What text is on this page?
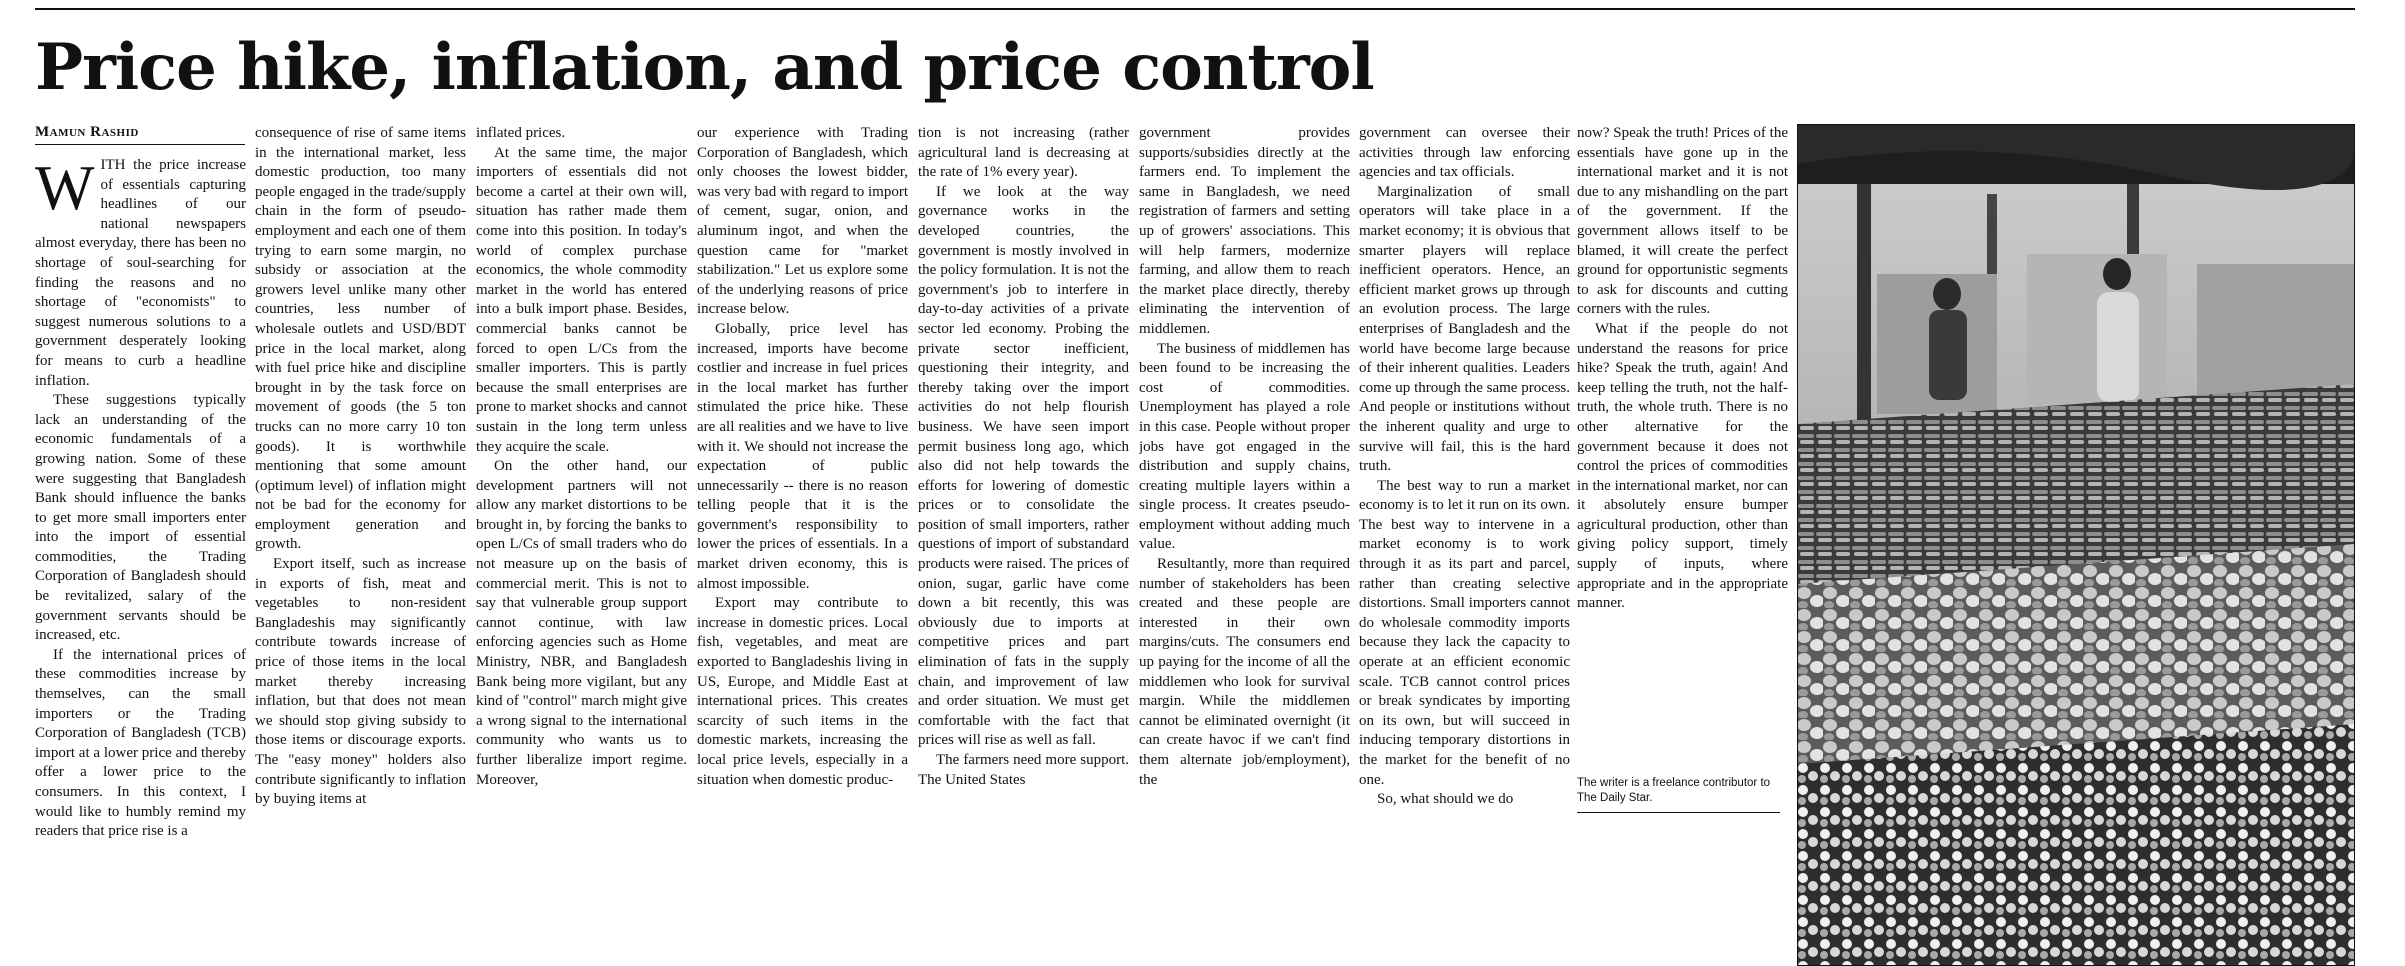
Price hike, inflation, and price control
Mamun Rashid

WITH the price increase of essentials capturing headlines of our national newspapers almost everyday, there has been no shortage of soul-searching for finding the reasons and no shortage of "economists" to suggest numerous solutions to a government desperately looking for means to curb a headline inflation.

These suggestions typically lack an understanding of the economic fundamentals of a growing nation. Some of these were suggesting that Bangladesh Bank should influence the banks to get more small importers enter into the import of essential commodities, the Trading Corporation of Bangladesh should be revitalized, salary of the government servants should be increased, etc.

If the international prices of these commodities increase by themselves, can the small importers or the Trading Corporation of Bangladesh (TCB) import at a lower price and thereby offer a lower price to the consumers. In this context, I would like to humbly remind my readers that price rise is a

consequence of rise of same items in the international market, less domestic production, too many people engaged in the trade/supply chain in the form of pseudo-employment and each one of them trying to earn some margin, no subsidy or association at the growers level unlike many other countries, less number of wholesale outlets and USD/BDT price in the local market, along with fuel price hike and discipline brought in by the task force on movement of goods (the 5 ton trucks can no more carry 10 ton goods). It is worthwhile mentioning that some amount (optimum level) of inflation might not be bad for the economy for employment generation and growth.

Export itself, such as increase in exports of fish, meat and vegetables to non-resident Bangladeshis may significantly contribute towards increase of price of those items in the local market thereby increasing inflation, but that does not mean we should stop giving subsidy to those items or discourage exports. The "easy money" holders also contribute significantly to inflation by buying items at

inflated prices.

At the same time, the major importers of essentials did not become a cartel at their own will, situation has rather made them come into this position. In today's world of complex purchase economics, the whole commodity market in the world has entered into a bulk import phase. Besides, commercial banks cannot be forced to open L/Cs from the smaller importers. This is partly because the small enterprises are prone to market shocks and cannot sustain in the long term unless they acquire the scale.

On the other hand, our development partners will not allow any market distortions to be brought in, by forcing the banks to open L/Cs of small traders who do not measure up on the basis of commercial merit. This is not to say that vulnerable group support cannot continue, with law enforcing agencies such as Home Ministry, NBR, and Bangladesh Bank being more vigilant, but any kind of "control" march might give a wrong signal to the international community who wants us to further liberalize import regime. Moreover,

our experience with Trading Corporation of Bangladesh, which only chooses the lowest bidder, was very bad with regard to import of cement, sugar, onion, and aluminum ingot, and when the question came for "market stabilization." Let us explore some of the underlying reasons of price increase below.

Globally, price level has increased, imports have become costlier and increase in fuel prices in the local market has further stimulated the price hike. These are all realities and we have to live with it. We should not increase the expectation of public unnecessarily -- there is no reason telling people that it is the government's responsibility to lower the prices of essentials. In a market driven economy, this is almost impossible.

Export may contribute to increase in domestic prices. Local fish, vegetables, and meat are exported to Bangladeshis living in US, Europe, and Middle East at international prices. This creates scarcity of such items in the domestic markets, increasing the local price levels, especially in a situation when domestic produc-

tion is not increasing (rather agricultural land is decreasing at the rate of 1% every year).

If we look at the way governance works in the developed countries, the government is mostly involved in the policy formulation. It is not the government's job to interfere in day-to-day activities of a private sector led economy. Probing the private sector inefficient, questioning their integrity, and thereby taking over the import activities do not help flourish business. We have seen import permit business long ago, which also did not help towards the efforts for lowering of domestic prices or to consolidate the position of small importers, rather questions of import of substandard products were raised. The prices of onion, sugar, garlic have come down a bit recently, this was obviously due to imports at competitive prices and part elimination of fats in the supply chain, and improvement of law and order situation. We must get comfortable with the fact that prices will rise as well as fall.

The farmers need more support. The United States

government provides supports/subsidies directly at the farmers end. To implement the same in Bangladesh, we need registration of farmers and setting up of growers' associations. This will help farmers, modernize farming, and allow them to reach the market place directly, thereby eliminating the intervention of middlemen.

The business of middlemen has been found to be increasing the cost of commodities. Unemployment has played a role in this case. People without proper jobs have got engaged in the distribution and supply chains, creating multiple layers within a single process. It creates pseudo-employment without adding much value.

Resultantly, more than required number of stakeholders has been created and these people are interested in their own margins/cuts. The consumers end up paying for the income of all the middlemen who look for survival margin. While the middlemen cannot be eliminated overnight (it can create havoc if we can't find them alternate job/employment), the

government can oversee their activities through law enforcing agencies and tax officials.

Marginalization of small operators will take place in a market economy; it is obvious that smarter players will replace inefficient operators. Hence, an efficient market grows up through an evolution process. The large enterprises of Bangladesh and the world have become large because of their inherent qualities. Leaders come up through the same process. And people or institutions without the inherent quality and urge to survive will fail, this is the hard truth.

The best way to run a market economy is to let it run on its own. The best way to intervene in a market economy is to work through it as its part and parcel, rather than creating selective distortions. Small importers cannot do wholesale commodity imports because they lack the capacity to operate at an efficient economic scale. TCB cannot control prices or break syndicates by importing on its own, but will succeed in inducing temporary distortions in the market for the benefit of no one.

So, what should we do

now? Speak the truth! Prices of the essentials have gone up in the international market and it is not due to any mishandling on the part of the government. If the government allows itself to be blamed, it will create the perfect ground for opportunistic segments to ask for discounts and cutting corners with the rules.

What if the people do not understand the reasons for price hike? Speak the truth, again! And keep telling the truth, not the half-truth, the whole truth. There is no other alternative for the government because it does not control the prices of commodities in the international market, nor can it absolutely ensure bumper agricultural production, other than giving policy support, timely supply of inputs, where appropriate and in the appropriate manner.

The writer is a freelance contributor to The Daily Star.
